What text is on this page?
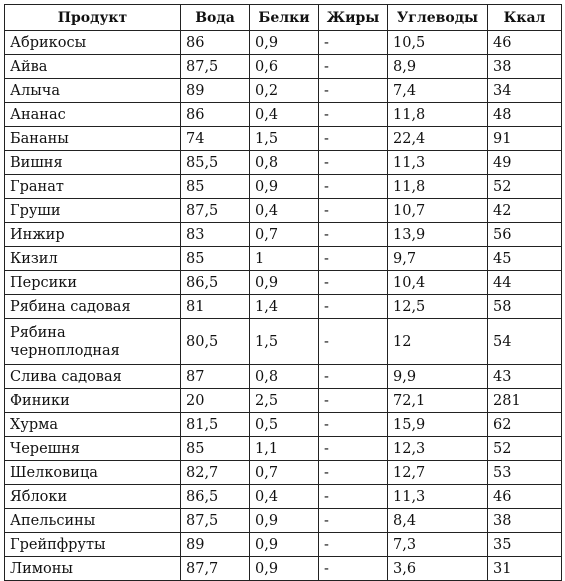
Продукт	Вода	Белки	Жиры	Углеводы	Ккал
Абрикосы	86	0,9	-	10,5	46
Айва	87,5	0,6	-	8,9	38
Алыча	89	0,2	-	7,4	34
Ананас	86	0,4	-	11,8	48
Бананы	74	1,5	-	22,4	91
Вишня	85,5	0,8	-	11,3	49
Гранат	85	0,9	-	11,8	52
Груши	87,5	0,4	-	10,7	42
Инжир	83	0,7	-	13,9	56
Кизил	85	1	-	9,7	45
Персики	86,5	0,9	-	10,4	44
Рябина садовая	81	1,4	-	12,5	58
Рябина черноплодная	80,5	1,5	-	12	54
Слива садовая	87	0,8	-	9,9	43
Финики	20	2,5	-	72,1	281
Хурма	81,5	0,5	-	15,9	62
Черешня	85	1,1	-	12,3	52
Шелковица	82,7	0,7	-	12,7	53
Яблоки	86,5	0,4	-	11,3	46
Апельсины	87,5	0,9	-	8,4	38
Грейпфруты	89	0,9	-	7,3	35
Лимоны	87,7	0,9	-	3,6	31
